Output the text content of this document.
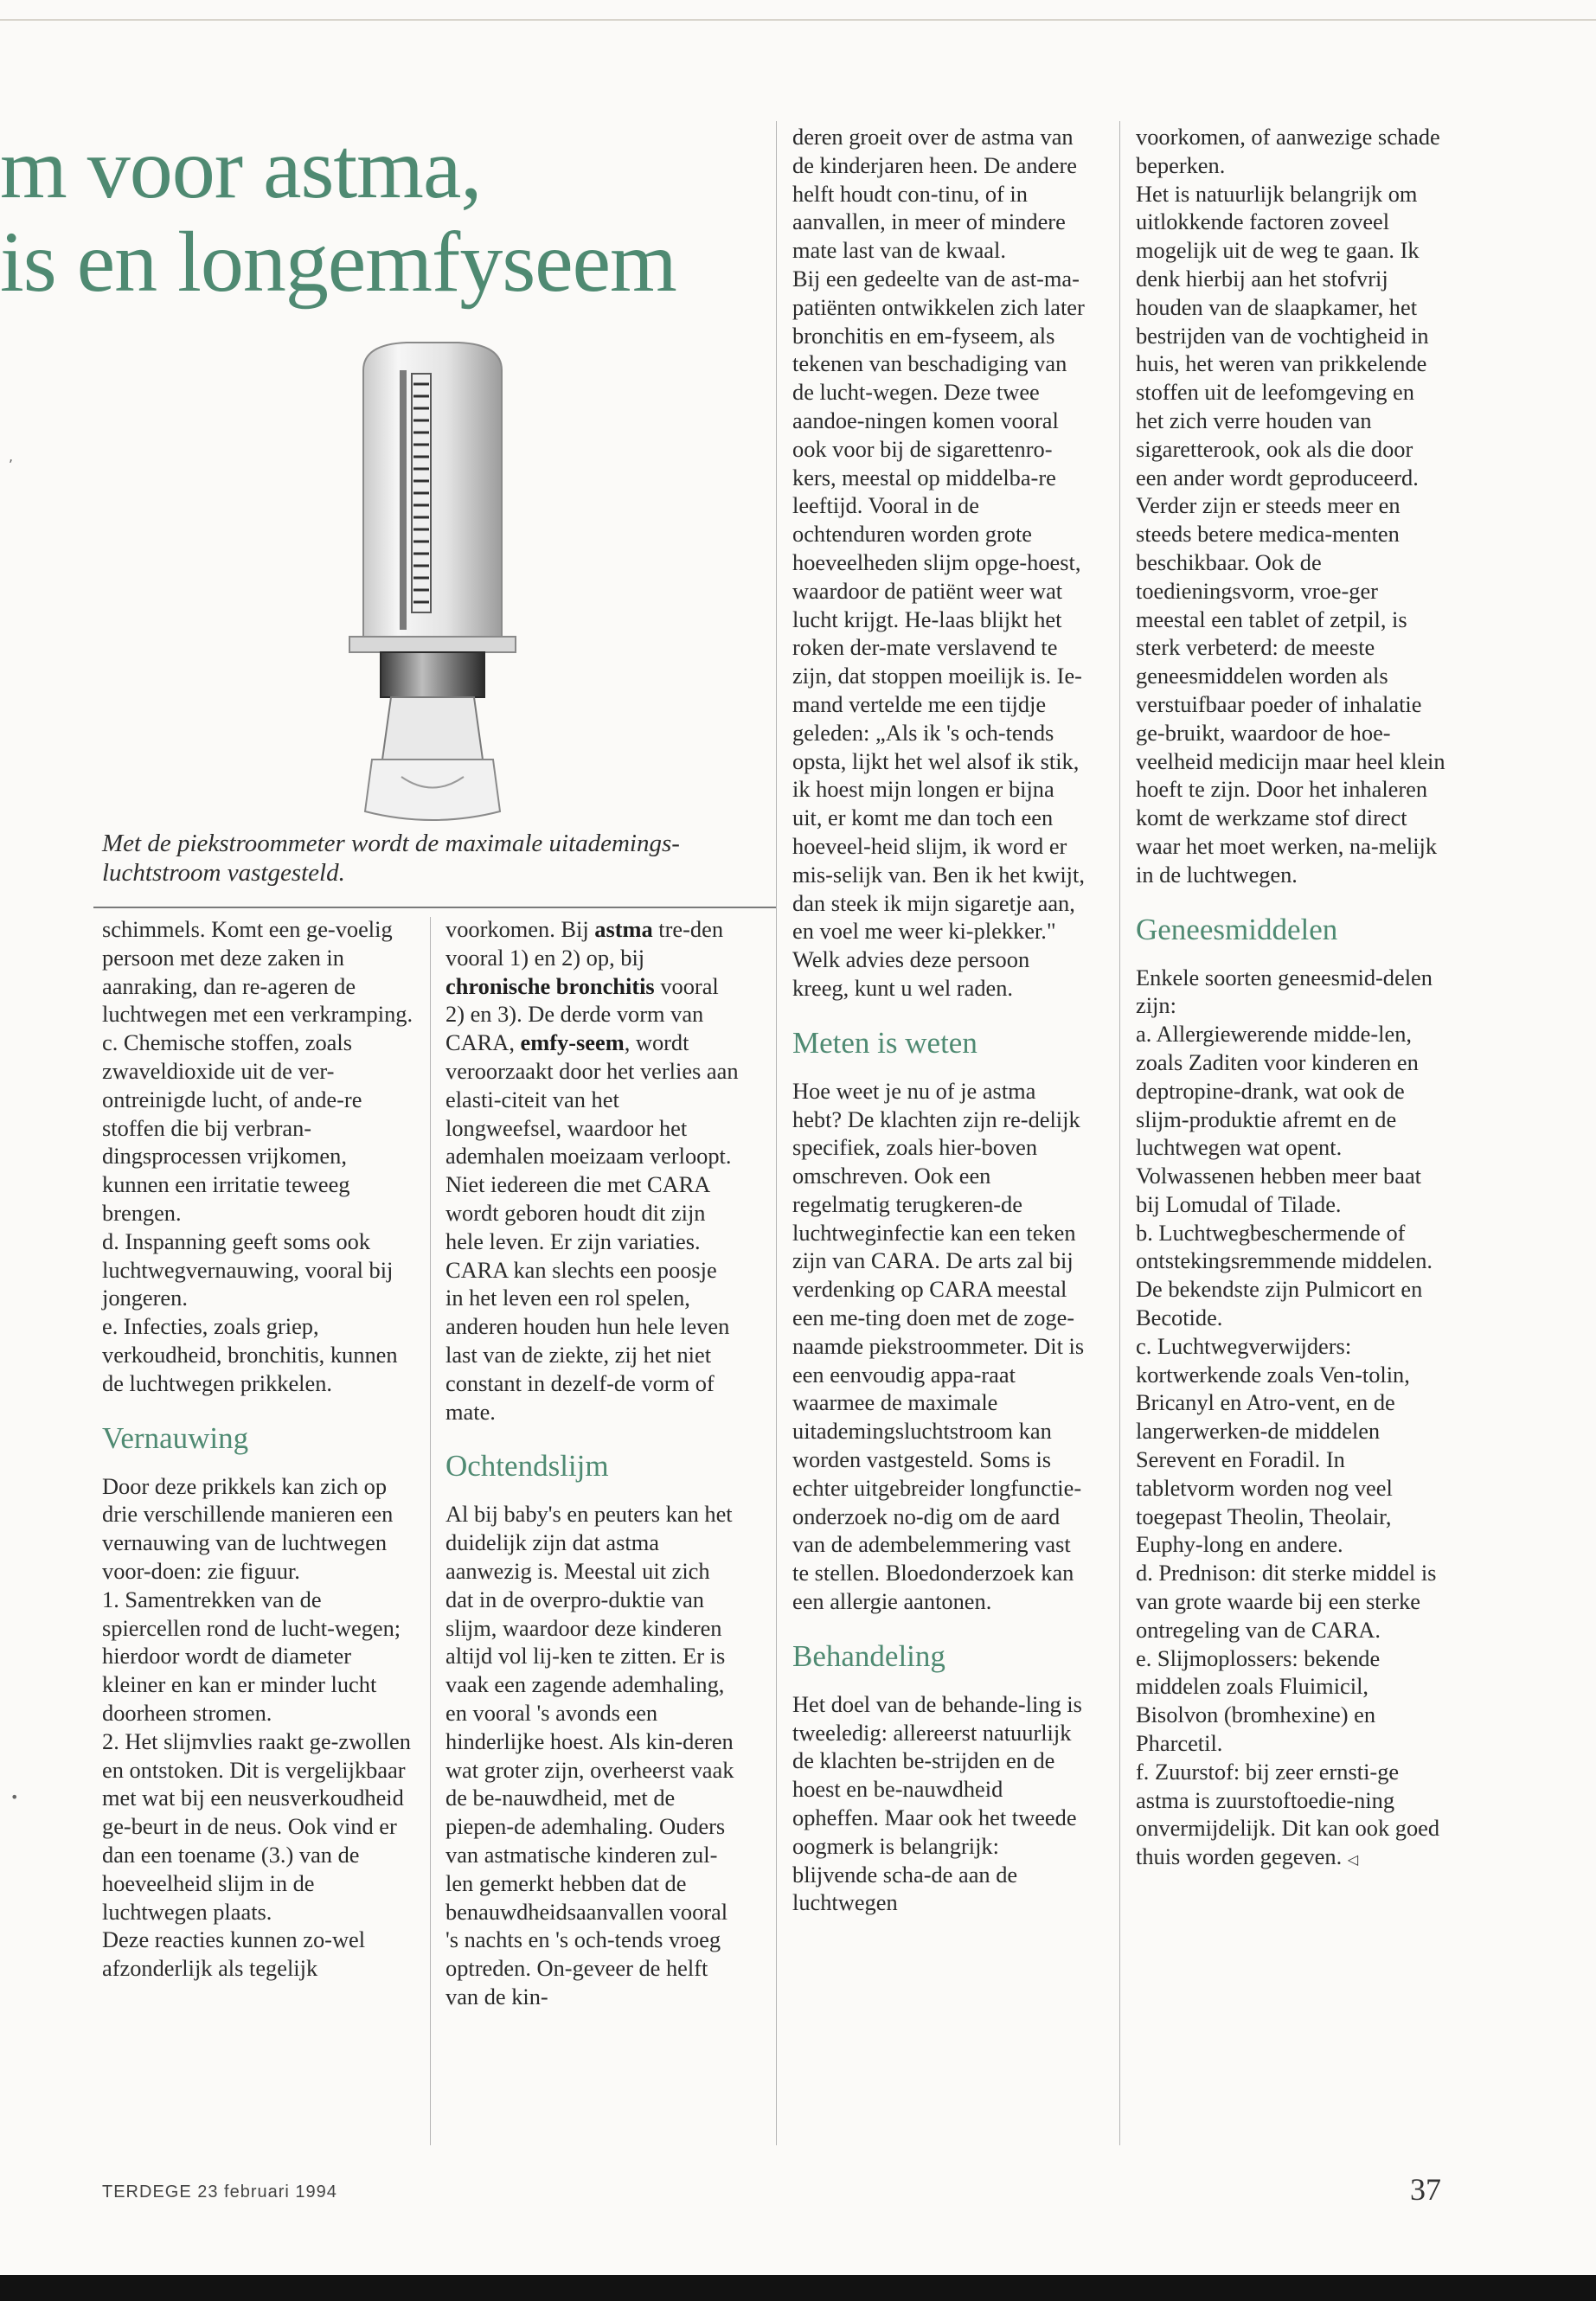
m voor astma,
is en longemfyseem
Met de piekstroommeter wordt de maximale uitademings-luchtstroom vastgesteld.

schimmels. Komt een ge-voelig persoon met deze zaken in aanraking, dan re-ageren de luchtwegen met een verkramping.

c. Chemische stoffen, zoals zwaveldioxide uit de ver-ontreinigde lucht, of ande-re stoffen die bij verbran-dingsprocessen vrijkomen, kunnen een irritatie teweeg brengen.

d. Inspanning geeft soms ook luchtwegvernauwing, vooral bij jongeren.

e. Infecties, zoals griep, verkoudheid, bronchitis, kunnen de luchtwegen prikkelen.

Vernauwing

Door deze prikkels kan zich op drie verschillende manieren een vernauwing van de luchtwegen voor-doen: zie figuur.

1. Samentrekken van de spiercellen rond de lucht-wegen; hierdoor wordt de diameter kleiner en kan er minder lucht doorheen stromen.

2. Het slijmvlies raakt ge-zwollen en ontstoken. Dit is vergelijkbaar met wat bij een neusverkoudheid ge-beurt in de neus. Ook vind er dan een toename (3.) van de hoeveelheid slijm in de luchtwegen plaats.

Deze reacties kunnen zo-wel afzonderlijk als tegelijk

voorkomen. Bij astma tre-den vooral 1) en 2) op, bij chronische bronchitis vooral 2) en 3). De derde vorm van CARA, emfy-seem, wordt veroorzaakt door het verlies aan elasti-citeit van het longweefsel, waardoor het ademhalen moeizaam verloopt.

Niet iedereen die met CARA wordt geboren houdt dit zijn hele leven. Er zijn variaties. CARA kan slechts een poosje in het leven een rol spelen, anderen houden hun hele leven last van de ziekte, zij het niet constant in dezelf-de vorm of mate.

Ochtendslijm

Al bij baby's en peuters kan het duidelijk zijn dat astma aanwezig is. Meestal uit zich dat in de overpro-duktie van slijm, waardoor deze kinderen altijd vol lij-ken te zitten. Er is vaak een zagende ademhaling, en vooral 's avonds een hinderlijke hoest. Als kin-deren wat groter zijn, overheerst vaak de be-nauwdheid, met de piepen-de ademhaling. Ouders van astmatische kinderen zul-len gemerkt hebben dat de benauwdheidsaanvallen vooral 's nachts en 's och-tends vroeg optreden. On-geveer de helft van de kin-

deren groeit over de astma van de kinderjaren heen. De andere helft houdt con-tinu, of in aanvallen, in meer of mindere mate last van de kwaal.

Bij een gedeelte van de ast-ma-patiënten ontwikkelen zich later bronchitis en em-fyseem, als tekenen van beschadiging van de lucht-wegen. Deze twee aandoe-ningen komen vooral ook voor bij de sigarettenro-kers, meestal op middelba-re leeftijd. Vooral in de ochtenduren worden grote hoeveelheden slijm opge-hoest, waardoor de patiënt weer wat lucht krijgt. He-laas blijkt het roken der-mate verslavend te zijn, dat stoppen moeilijk is. Ie-mand vertelde me een tijdje geleden: „Als ik 's och-tends opsta, lijkt het wel alsof ik stik, ik hoest mijn longen er bijna uit, er komt me dan toch een hoeveel-heid slijm, ik word er mis-selijk van. Ben ik het kwijt, dan steek ik mijn sigaretje aan, en voel me weer ki-plekker." Welk advies deze persoon kreeg, kunt u wel raden.

Meten is weten

Hoe weet je nu of je astma hebt? De klachten zijn re-delijk specifiek, zoals hier-boven omschreven. Ook een regelmatig terugkeren-de luchtweginfectie kan een teken zijn van CARA. De arts zal bij verdenking op CARA meestal een me-ting doen met de zoge-naamde piekstroommeter. Dit is een eenvoudig appa-raat waarmee de maximale uitademingsluchtstroom kan worden vastgesteld. Soms is echter uitgebreider longfunctie-onderzoek no-dig om de aard van de adembelemmering vast te stellen. Bloedonderzoek kan een allergie aantonen.

Behandeling

Het doel van de behande-ling is tweeledig: allereerst natuurlijk de klachten be-strijden en de hoest en be-nauwdheid opheffen. Maar ook het tweede oogmerk is belangrijk: blijvende scha-de aan de luchtwegen

voorkomen, of aanwezige schade beperken.

Het is natuurlijk belangrijk om uitlokkende factoren zoveel mogelijk uit de weg te gaan. Ik denk hierbij aan het stofvrij houden van de slaapkamer, het bestrijden van de vochtigheid in huis, het weren van prikkelende stoffen uit de leefomgeving en het zich verre houden van sigaretterook, ook als die door een ander wordt geproduceerd.

Verder zijn er steeds meer en steeds betere medica-menten beschikbaar. Ook de toedieningsvorm, vroe-ger meestal een tablet of zetpil, is sterk verbeterd: de meeste geneesmiddelen worden als verstuifbaar poeder of inhalatie ge-bruikt, waardoor de hoe-veelheid medicijn maar heel klein hoeft te zijn. Door het inhaleren komt de werkzame stof direct waar het moet werken, na-melijk in de luchtwegen.

Geneesmiddelen

Enkele soorten geneesmid-delen zijn:

a. Allergiewerende midde-len, zoals Zaditen voor kinderen en deptropine-drank, wat ook de slijm-produktie afremt en de luchtwegen wat opent. Volwassenen hebben meer baat bij Lomudal of Tilade.

b. Luchtwegbeschermende of ontstekingsremmende middelen. De bekendste zijn Pulmicort en Becotide.

c. Luchtwegverwijders: kortwerkende zoals Ven-tolin, Bricanyl en Atro-vent, en de langerwerken-de middelen Serevent en Foradil. In tabletvorm worden nog veel toegepast Theolin, Theolair, Euphy-long en andere.

d. Prednison: dit sterke middel is van grote waarde bij een sterke ontregeling van de CARA.

e. Slijmoplossers: bekende middelen zoals Fluimicil, Bisolvon (bromhexine) en Pharcetil.

f. Zuurstof: bij zeer ernsti-ge astma is zuurstoftoedie-ning onvermijdelijk. Dit kan ook goed thuis worden gegeven. ◁

,
•
TERDEGE 23 februari 1994	37
